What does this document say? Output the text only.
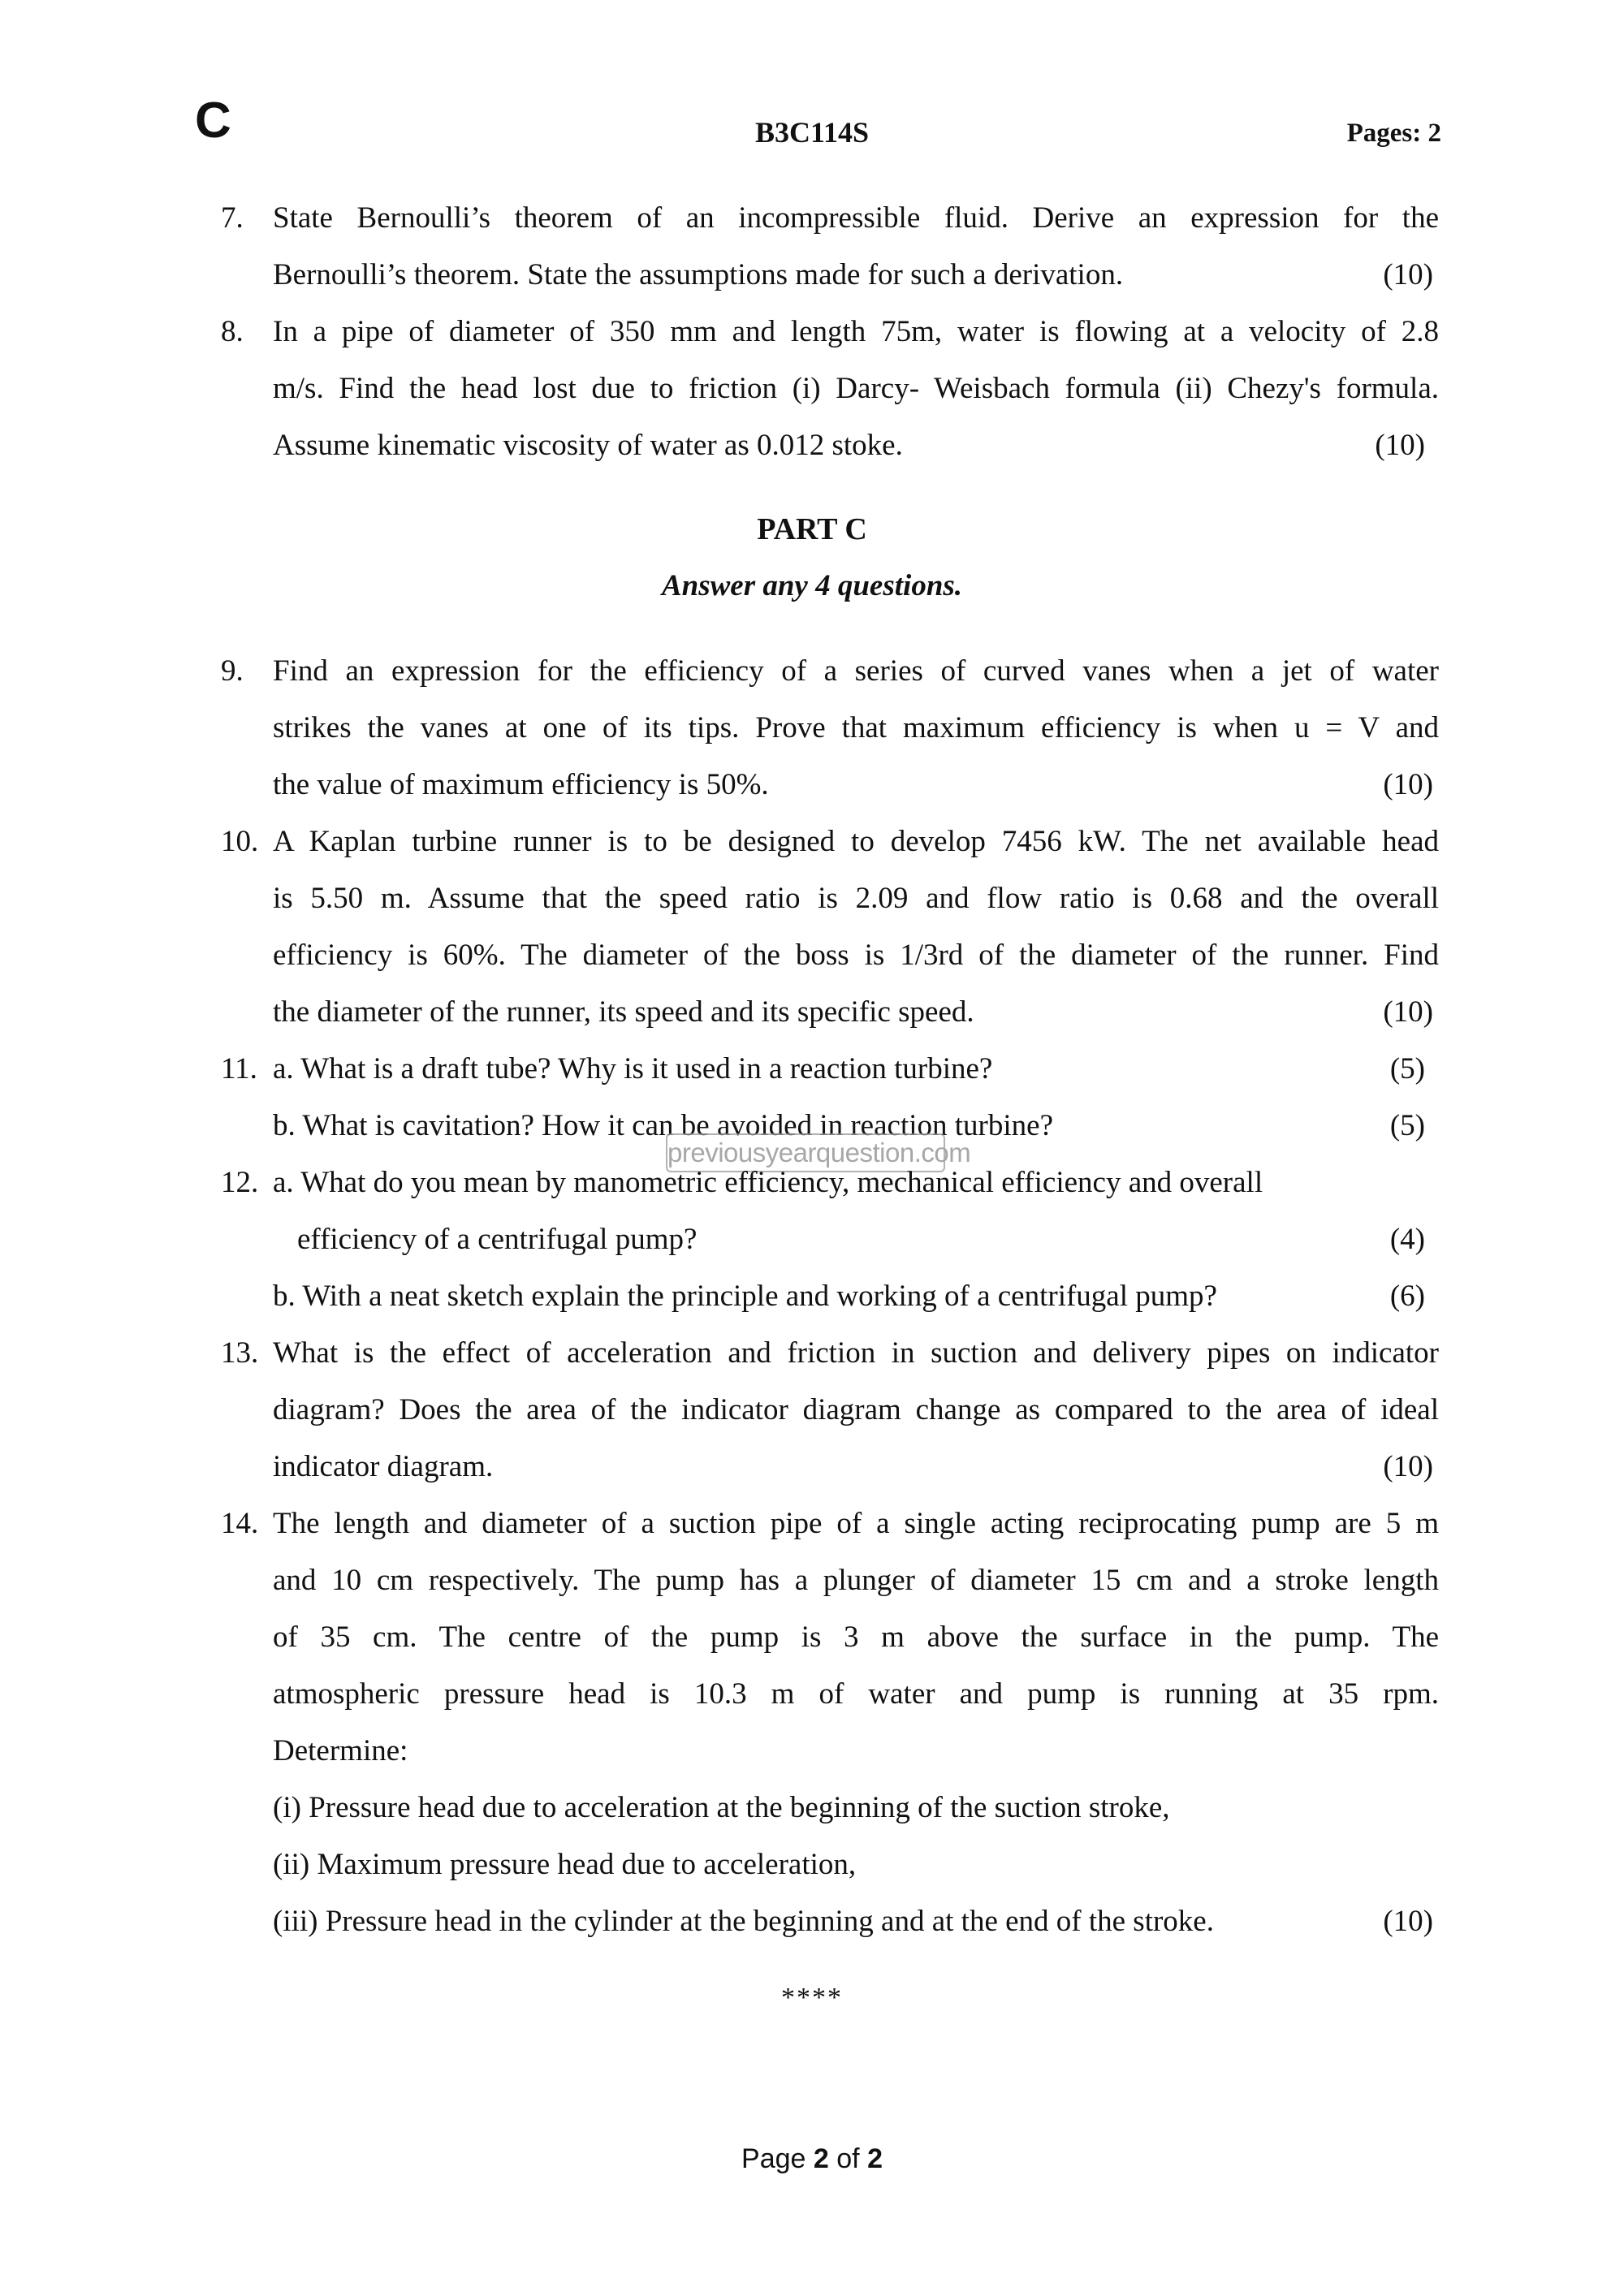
C	B3C114S	Pages: 2
7. State Bernoulli’s theorem of an incompressible fluid. Derive an expression for the
Bernoulli’s theorem. State the assumptions made for such a derivation.	(10)
8. In a pipe of diameter of 350 mm and length 75m, water is flowing at a velocity of 2.8
m/s. Find the head lost due to friction (i) Darcy- Weisbach formula (ii) Chezy's formula.
Assume kinematic viscosity of water as 0.012 stoke.	(10)
PART C
Answer any 4 questions.
9. Find an expression for the efficiency of a series of curved vanes when a jet of water
strikes the vanes at one of its tips. Prove that maximum efficiency is when u = V and
the value of maximum efficiency is 50%.	(10)
10. A Kaplan turbine runner is to be designed to develop 7456 kW. The net available head
is 5.50 m. Assume that the speed ratio is 2.09 and flow ratio is 0.68 and the overall
efficiency is 60%. The diameter of the boss is 1/3rd of the diameter of the runner. Find
the diameter of the runner, its speed and its specific speed.	(10)
11. a. What is a draft tube? Why is it used in a reaction turbine?	(5)
b. What is cavitation? How it can be avoided in reaction turbine?	(5)
previousyearquestion.com
12. a. What do you mean by manometric efficiency, mechanical efficiency and overall
efficiency of a centrifugal pump?	(4)
b. With a neat sketch explain the principle and working of a centrifugal pump?	(6)
13. What is the effect of acceleration and friction in suction and delivery pipes on indicator
diagram? Does the area of the indicator diagram change as compared to the area of ideal
indicator diagram.	(10)
14. The length and diameter of a suction pipe of a single acting reciprocating pump are 5 m
and 10 cm respectively. The pump has a plunger of diameter 15 cm and a stroke length
of 35 cm. The centre of the pump is 3 m above the surface in the pump. The
atmospheric pressure head is 10.3 m of water and pump is running at 35 rpm.
Determine:
(i) Pressure head due to acceleration at the beginning of the suction stroke,
(ii) Maximum pressure head due to acceleration,
(iii) Pressure head in the cylinder at the beginning and at the end of the stroke.	(10)
****
Page 2 of 2
